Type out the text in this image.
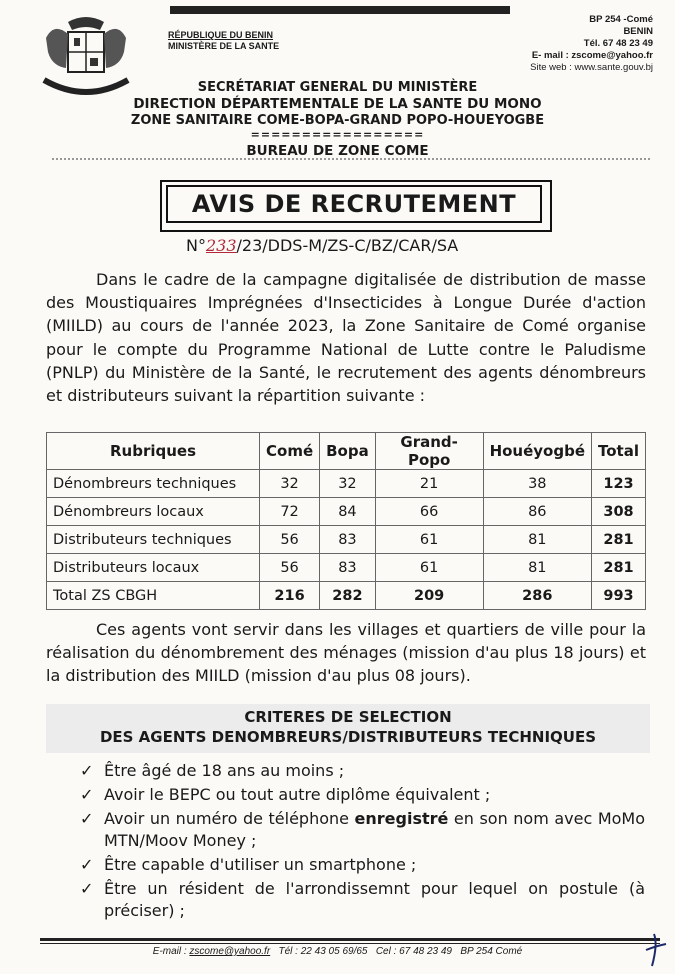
RÉPUBLIQUE DU BENIN
MINISTÈRE DE LA SANTE
BP 254 -Comé
BENIN
Tél. 67 48 23 49
E- mail : zscome@yahoo.fr
Site web : www.sante.gouv.bj
SECRÉTARIAT GENERAL DU MINISTÈRE
DIRECTION DÉPARTEMENTALE DE LA SANTE DU MONO
ZONE SANITAIRE COME-BOPA-GRAND POPO-HOUEYOGBE
=================
BUREAU DE ZONE COME
AVIS DE RECRUTEMENT
N°233/23/DDS-M/ZS-C/BZ/CAR/SA
Dans le cadre de la campagne digitalisée de distribution de masse des Moustiquaires Imprégnées d'Insecticides à Longue Durée d'action (MIILD) au cours de l'année 2023, la Zone Sanitaire de Comé organise pour le compte du Programme National de Lutte contre le Paludisme (PNLP) du Ministère de la Santé, le recrutement des agents dénombreurs et distributeurs suivant la répartition suivante :
Rubriques	Comé	Bopa	Grand-Popo	Houéyogbé	Total
Dénombreurs techniques	32	32	21	38	123
Dénombreurs locaux	72	84	66	86	308
Distributeurs techniques	56	83	61	81	281
Distributeurs locaux	56	83	61	81	281
Total ZS CBGH	216	282	209	286	993
Ces agents vont servir dans les villages et quartiers de ville pour la réalisation du dénombrement des ménages (mission d'au plus 18 jours) et la distribution des MIILD (mission d'au plus 08 jours).
CRITERES DE SELECTION
DES AGENTS DENOMBREURS/DISTRIBUTEURS TECHNIQUES
✓ Être âgé de 18 ans au moins ;
✓ Avoir le BEPC ou tout autre diplôme équivalent ;
✓ Avoir un numéro de téléphone enregistré en son nom avec MoMo MTN/Moov Money ;
✓ Être capable d'utiliser un smartphone ;
✓ Être un résident de l'arrondissemnt pour lequel on postule (à préciser) ;
E-mail : zscome@yahoo.fr Tél : 22 43 05 69/65 Cel : 67 48 23 49 BP 254 Comé
